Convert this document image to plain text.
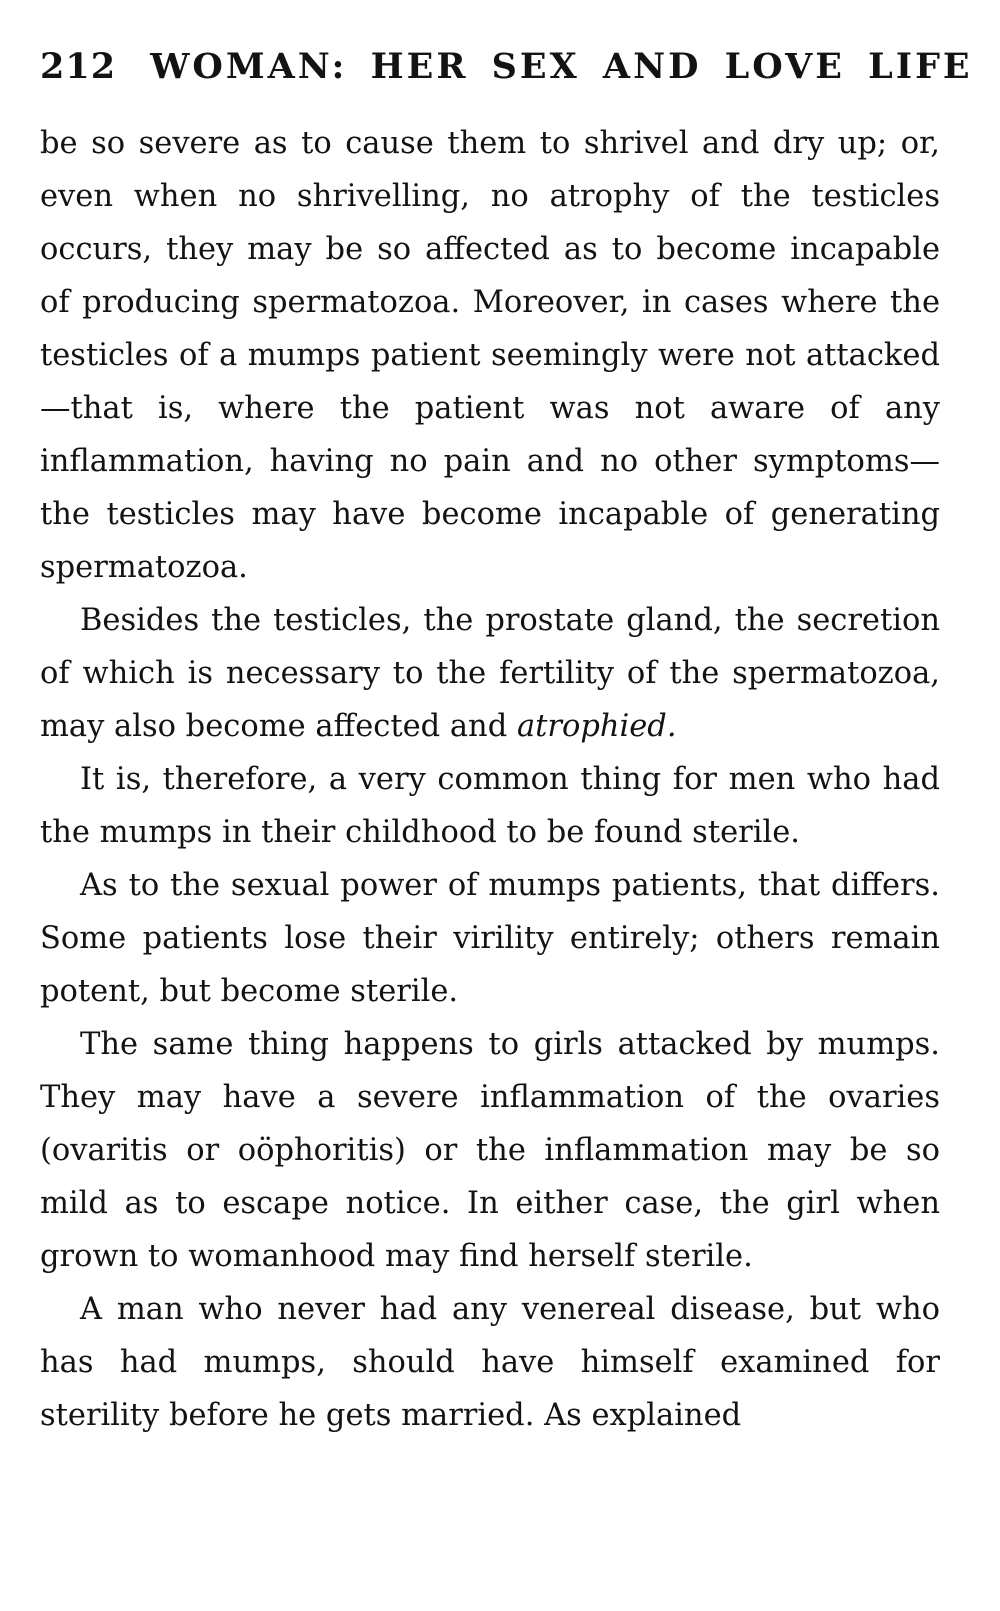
212 WOMAN: HER SEX AND LOVE LIFE

be so severe as to cause them to shrivel and dry up; or, even when no shrivelling, no atrophy of the testicles occurs, they may be so affected as to become incapable of producing spermatozoa. Moreover, in cases where the testicles of a mumps patient seemingly were not attacked—that is, where the patient was not aware of any inflammation, having no pain and no other symptoms—the testicles may have become incapable of generating spermatozoa.

Besides the testicles, the prostate gland, the secretion of which is necessary to the fertility of the spermatozoa, may also become affected and atrophied.

It is, therefore, a very common thing for men who had the mumps in their childhood to be found sterile.

As to the sexual power of mumps patients, that differs. Some patients lose their virility entirely; others remain potent, but become sterile.

The same thing happens to girls attacked by mumps. They may have a severe inflammation of the ovaries (ovaritis or oöphoritis) or the inflammation may be so mild as to escape notice. In either case, the girl when grown to womanhood may find herself sterile.

A man who never had any venereal disease, but who has had mumps, should have himself examined for sterility before he gets married. As explained
